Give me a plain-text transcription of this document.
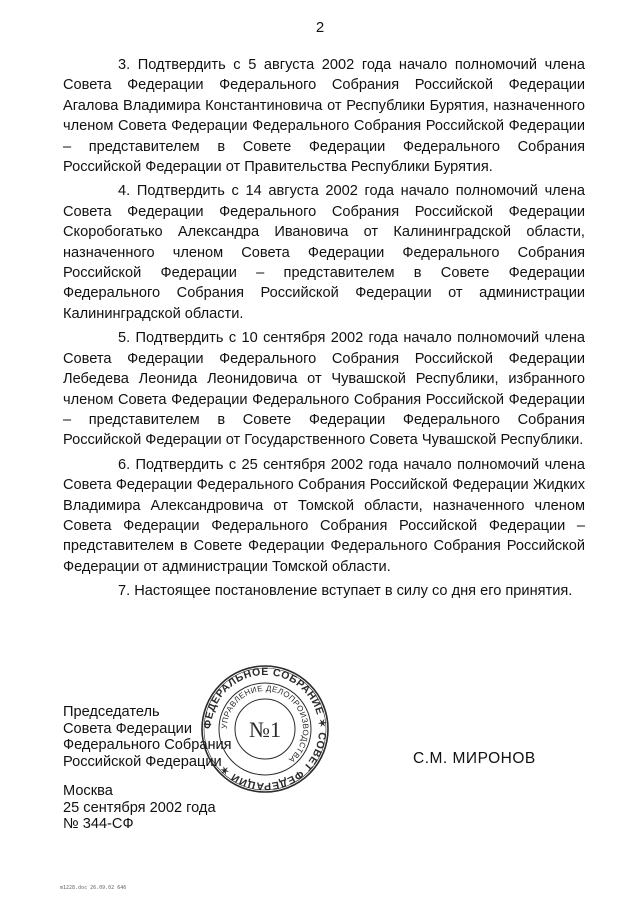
2

3. Подтвердить с 5 августа 2002 года начало полномочий члена Совета Федерации Федерального Собрания Российской Федерации Агалова Владимира Константиновича от Республики Бурятия, назначенного членом Совета Федерации Федерального Собрания Российской Федерации – представителем в Совете Федерации Федерального Собрания Российской Федерации от Правительства Республики Бурятия.

4. Подтвердить с 14 августа 2002 года начало полномочий члена Совета Федерации Федерального Собрания Российской Федерации Скоробогатько Александра Ивановича от Калининградской области, назначенного членом Совета Федерации Федерального Собрания Российской Федерации – представителем в Совете Федерации Федерального Собрания Российской Федерации от администрации Калининградской области.

5. Подтвердить с 10 сентября 2002 года начало полномочий члена Совета Федерации Федерального Собрания Российской Федерации Лебедева Леонида Леонидовича от Чувашской Республики, избранного членом Совета Федерации Федерального Собрания Российской Федерации – представителем в Совете Федерации Федерального Собрания Российской Федерации от Государственного Совета Чувашской Республики.

6. Подтвердить с 25 сентября 2002 года начало полномочий члена Совета Федерации Федерального Собрания Российской Федерации Жидких Владимира Александровича от Томской области, назначенного членом Совета Федерации Федерального Собрания Российской Федерации – представителем в Совете Федерации Федерального Собрания Российской Федерации от администрации Томской области.

7. Настоящее постановление вступает в силу со дня его принятия.

Председатель
Совета Федерации
Федерального Собрания
Российской Федерации
ФЕДЕРАЛЬНОЕ СОБРАНИЕ ✶ СОВЕТ ФЕДЕРАЦИИ ✶
УПРАВЛЕНИЕ ДЕЛОПРОИЗВОДСТВА
№1
С.М. МИРОНОВ
Москва
25 сентября 2002 года
№ 344-СФ
m1228.doc 26.09.02 646
